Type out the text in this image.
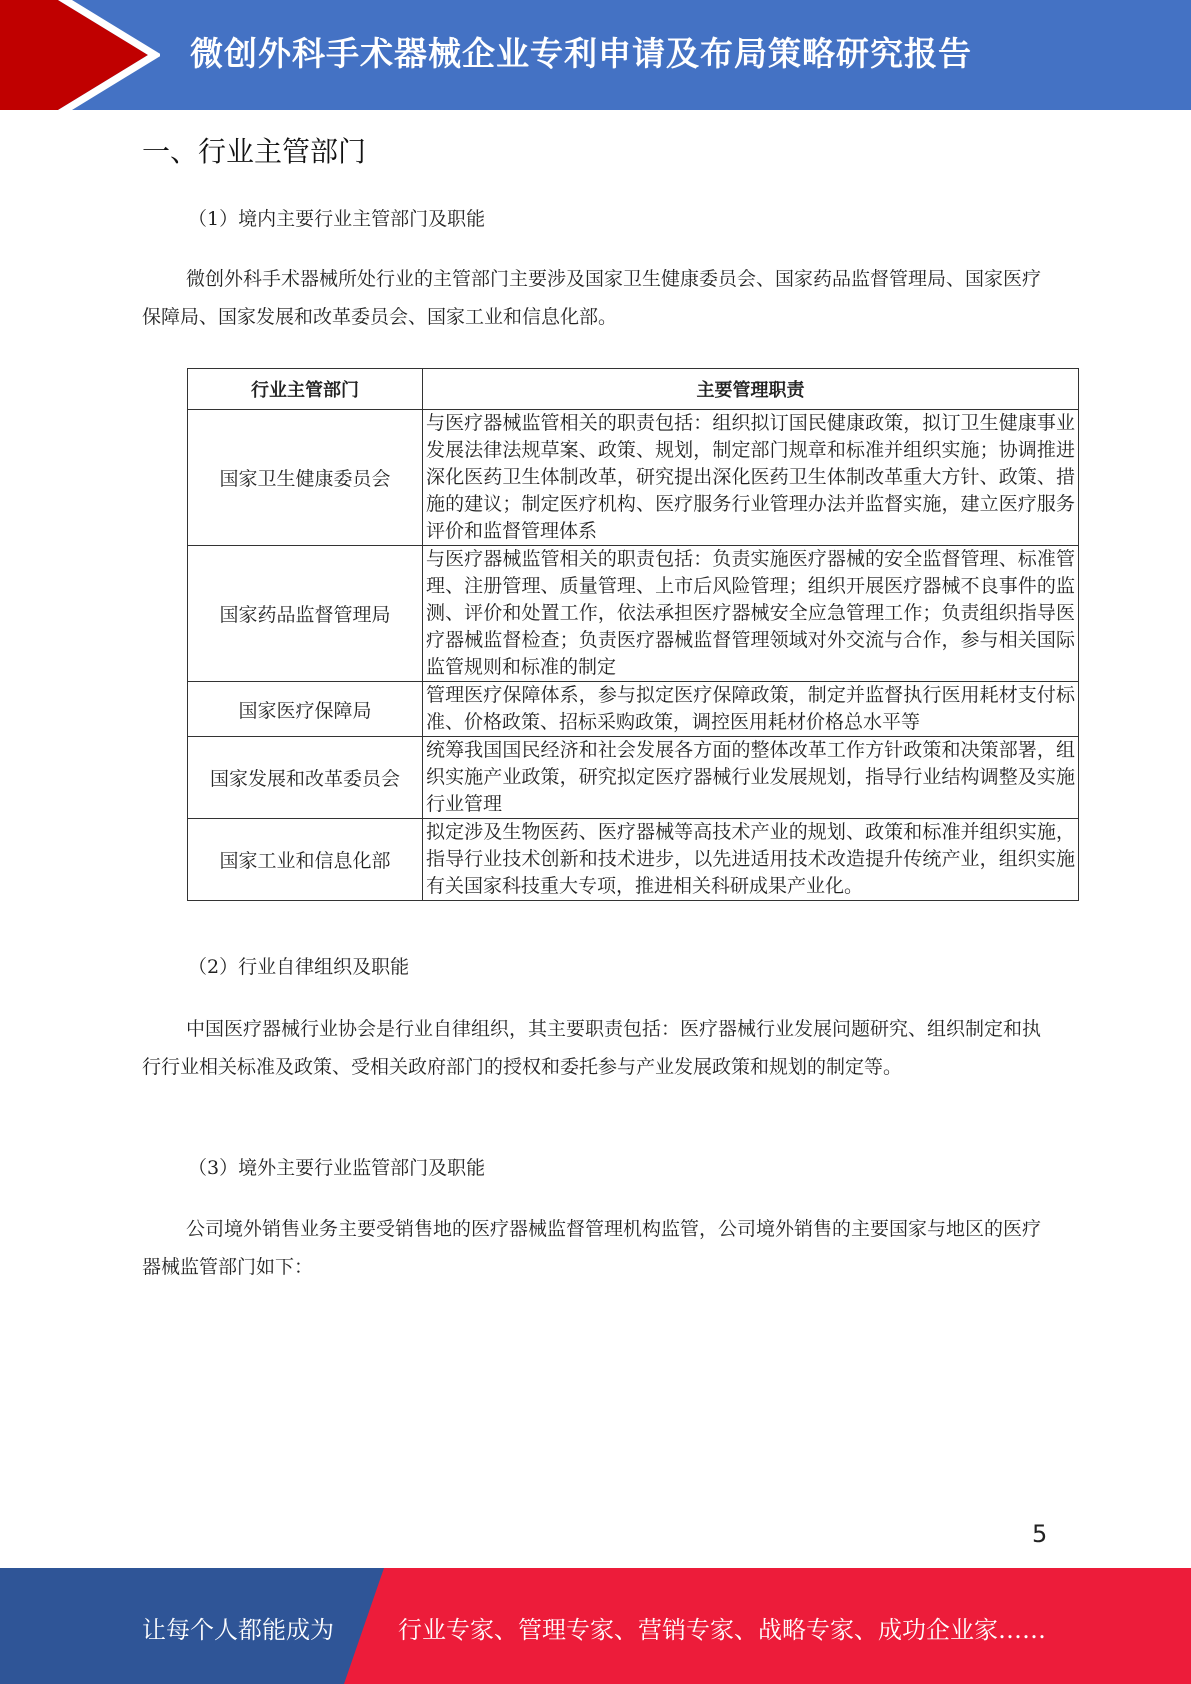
微创外科手术器械企业专利申请及布局策略研究报告
一、行业主管部门
（1）境内主要行业主管部门及职能
微创外科手术器械所处行业的主管部门主要涉及国家卫生健康委员会、国家药品监督管理局、国家医疗保障局、国家发展和改革委员会、国家工业和信息化部。
行业主管部门	主要管理职责
国家卫生健康委员会	与医疗器械监管相关的职责包括：组织拟订国民健康政策，拟订卫生健康事业发展法律法规草案、政策、规划，制定部门规章和标准并组织实施；协调推进深化医药卫生体制改革，研究提出深化医药卫生体制改革重大方针、政策、措施的建议；制定医疗机构、医疗服务行业管理办法并监督实施，建立医疗服务评价和监督管理体系
国家药品监督管理局	与医疗器械监管相关的职责包括：负责实施医疗器械的安全监督管理、标准管理、注册管理、质量管理、上市后风险管理；组织开展医疗器械不良事件的监测、评价和处置工作，依法承担医疗器械安全应急管理工作；负责组织指导医疗器械监督检查；负责医疗器械监督管理领域对外交流与合作，参与相关国际监管规则和标准的制定
国家医疗保障局	管理医疗保障体系，参与拟定医疗保障政策，制定并监督执行医用耗材支付标准、价格政策、招标采购政策，调控医用耗材价格总水平等
国家发展和改革委员会	统筹我国国民经济和社会发展各方面的整体改革工作方针政策和决策部署，组织实施产业政策，研究拟定医疗器械行业发展规划，指导行业结构调整及实施行业管理
国家工业和信息化部	拟定涉及生物医药、医疗器械等高技术产业的规划、政策和标准并组织实施，指导行业技术创新和技术进步，以先进适用技术改造提升传统产业，组织实施有关国家科技重大专项，推进相关科研成果产业化。
（2）行业自律组织及职能
中国医疗器械行业协会是行业自律组织，其主要职责包括：医疗器械行业发展问题研究、组织制定和执行行业相关标准及政策、受相关政府部门的授权和委托参与产业发展政策和规划的制定等。
（3）境外主要行业监管部门及职能
公司境外销售业务主要受销售地的医疗器械监督管理机构监管，公司境外销售的主要国家与地区的医疗器械监管部门如下：
5
让每个人都能成为	行业专家、管理专家、营销专家、战略专家、成功企业家……
